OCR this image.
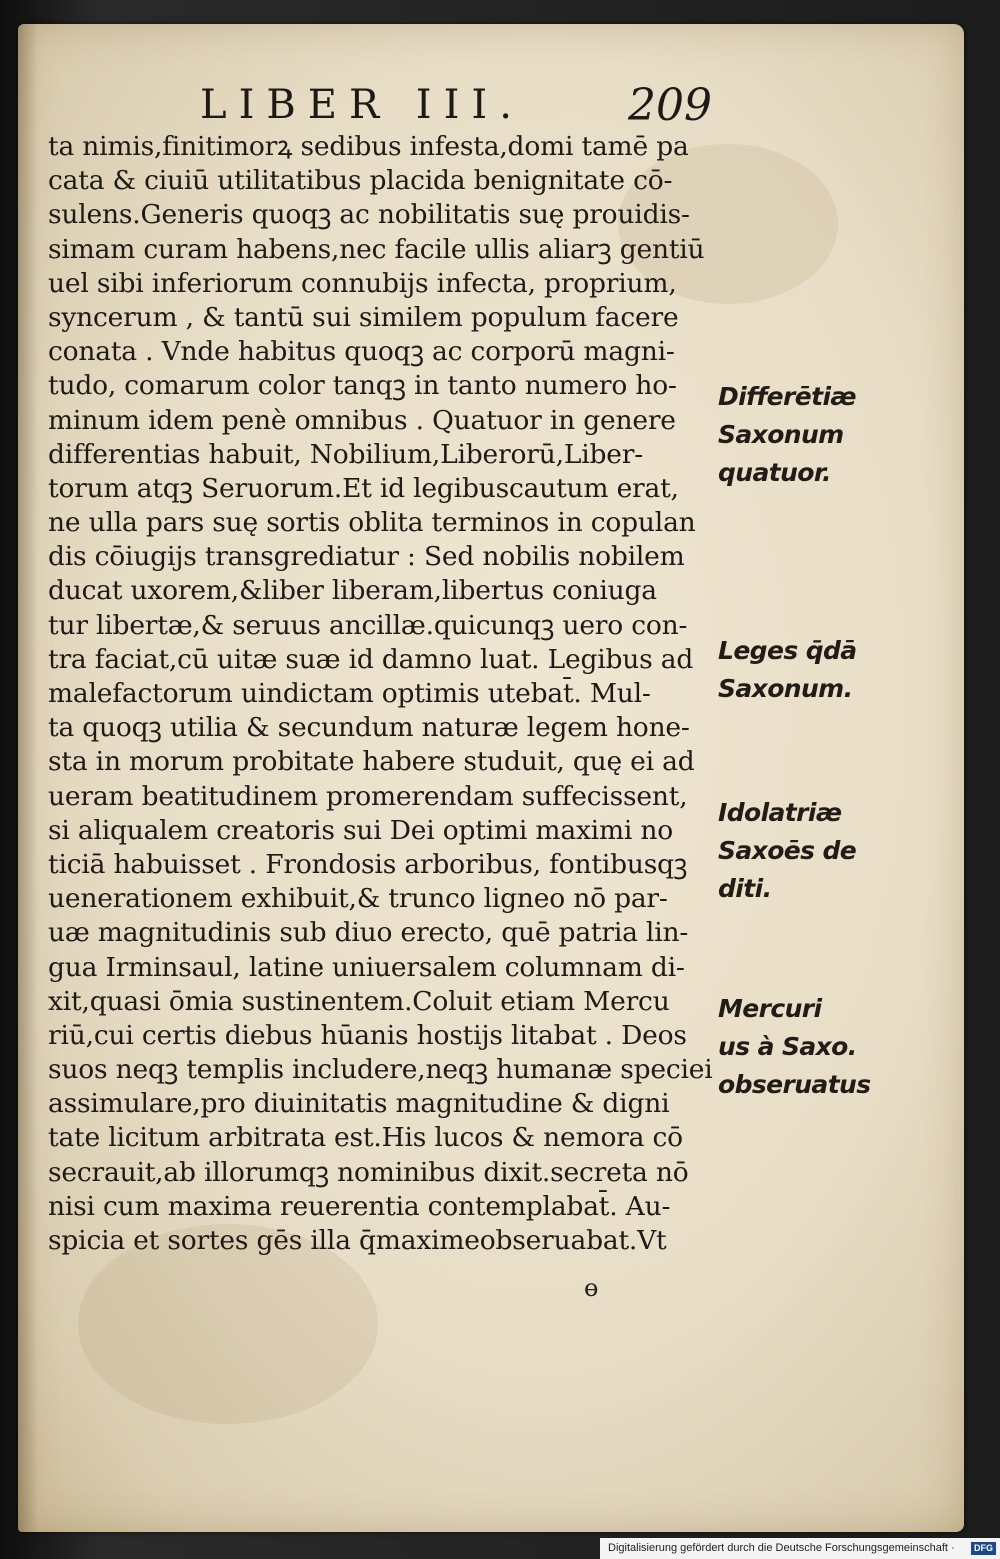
LIBER III. 209
ta nimis,finitimorꝝ sedibus infesta,domi tamē pa
cata & ciuiū utilitatibus placida benignitate cō-
sulens.Generis quoqꝫ ac nobilitatis suę prouidis-
simam curam habens,nec facile ullis aliarꝫ gentiū
uel sibi inferiorum connubijs infecta, proprium,
syncerum , & tantū sui similem populum facere
conata . Vnde habitus quoqꝫ ac corporū magni-
tudo, comarum color tanqꝫ in tanto numero ho-
minum idem penè omnibus . Quatuor in genere
differentias habuit, Nobilium,Liberorū,Liber-
torum atqꝫ Seruorum.Et id legibuscautum erat,
ne ulla pars suę sortis oblita terminos in copulan
dis cōiugijs transgrediatur : Sed nobilis nobilem
ducat uxorem,&liber liberam,libertus coniuga
tur libertæ,& seruus ancillæ.quicunqꝫ uero con-
tra faciat,cū uitæ suæ id damno luat. Legibus ad
malefactorum uindictam optimis utebat̄. Mul-
ta quoqꝫ utilia & secundum naturæ legem hone-
sta in morum probitate habere studuit, quę ei ad
ueram beatitudinem promerendam suffecissent,
si aliqualem creatoris sui Dei optimi maximi no
ticiā habuisset . Frondosis arboribus, fontibusqꝫ
uenerationem exhibuit,& trunco ligneo nō par-
uæ magnitudinis sub diuo erecto, quē patria lin-
gua Irminsaul, latine uniuersalem columnam di-
xit,quasi ōmia sustinentem.Coluit etiam Mercu
riū,cui certis diebus hūanis hostijs litabat . Deos
suos neqꝫ templis includere,neqꝫ humanæ speciei
assimulare,pro diuinitatis magnitudine & digni
tate licitum arbitrata est.His lucos & nemora cō
secrauit,ab illorumqꝫ nominibus dixit.secreta nō
nisi cum maxima reuerentia contemplabat̄. Au-
spicia et sortes gēs illa q̄maximeobseruabat.Vt
Differētiæ
Saxonum
quatuor.
Leges q̄dā
Saxonum.
Idolatriæ
Saxoēs de
diti.
Mercuri
us à Saxo.
obseruatus
ɵ
Digitalisierung gefördert durch die Deutsche Forschungsgemeinschaft ·	DFG
